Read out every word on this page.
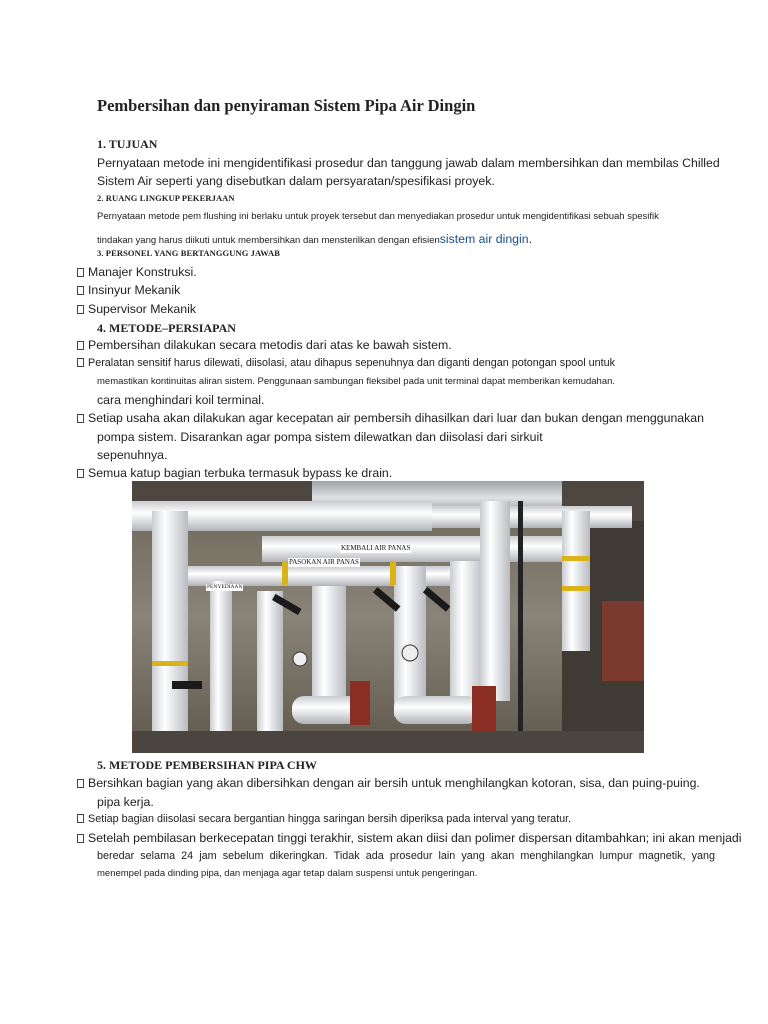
Pembersihan dan penyiraman Sistem Pipa Air Dingin
1. TUJUAN
Pernyataan metode ini mengidentifikasi prosedur dan tanggung jawab dalam membersihkan dan membilas Chilled
Sistem Air seperti yang disebutkan dalam persyaratan/spesifikasi proyek.
2. RUANG LINGKUP PEKERJAAN
Pernyataan metode pem flushing ini berlaku untuk proyek tersebut dan menyediakan prosedur untuk mengidentifikasi sebuah spesifik
tindakan yang harus diikuti untuk membersihkan dan mensterilkan dengan efisiensistem air dingin.
3. PERSONEL YANG BERTANGGUNG JAWAB
Manajer Konstruksi.
Insinyur Mekanik
Supervisor Mekanik
4. METODE–PERSIAPAN
Pembersihan dilakukan secara metodis dari atas ke bawah sistem.
Peralatan sensitif harus dilewati, diisolasi, atau dihapus sepenuhnya dan diganti dengan potongan spool untuk
memastikan kontinuitas aliran sistem. Penggunaan sambungan fleksibel pada unit terminal dapat memberikan kemudahan.
cara menghindari koil terminal.
Setiap usaha akan dilakukan agar kecepatan air pembersih dihasilkan dari luar dan bukan dengan menggunakan
pompa sistem. Disarankan agar pompa sistem dilewatkan dan diisolasi dari sirkuit
sepenuhnya.
Semua katup bagian terbuka termasuk bypass ke drain.
KEMBALI AIR PANAS
PASOKAN AIR PANAS
PENYEDIAAN
5. METODE PEMBERSIHAN PIPA CHW
Bersihkan bagian yang akan dibersihkan dengan air bersih untuk menghilangkan kotoran, sisa, dan puing-puing.
pipa kerja.
Setiap bagian diisolasi secara bergantian hingga saringan bersih diperiksa pada interval yang teratur.
Setelah pembilasan berkecepatan tinggi terakhir, sistem akan diisi dan polimer dispersan ditambahkan; ini akan menjadi
beredar selama 24 jam sebelum dikeringkan. Tidak ada prosedur lain yang akan menghilangkan lumpur magnetik, yang
menempel pada dinding pipa, dan menjaga agar tetap dalam suspensi untuk pengeringan.
